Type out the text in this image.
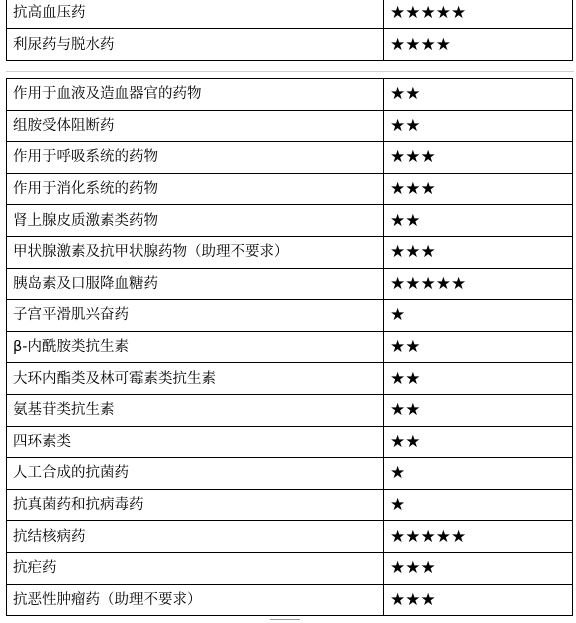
抗高血压药	★★★★★
利尿药与脱水药	★★★★
作用于血液及造血器官的药物	★★
组胺受体阻断药	★★
作用于呼吸系统的药物	★★★
作用于消化系统的药物	★★★
肾上腺皮质激素类药物	★★
甲状腺激素及抗甲状腺药物（助理不要求）	★★★
胰岛素及口服降血糖药	★★★★★
子宫平滑肌兴奋药	★
β-内酰胺类抗生素	★★
大环内酯类及林可霉素类抗生素	★★
氨基苷类抗生素	★★
四环素类	★★
人工合成的抗菌药	★
抗真菌药和抗病毒药	★
抗结核病药	★★★★★
抗疟药	★★★
抗恶性肿瘤药（助理不要求）	★★★
